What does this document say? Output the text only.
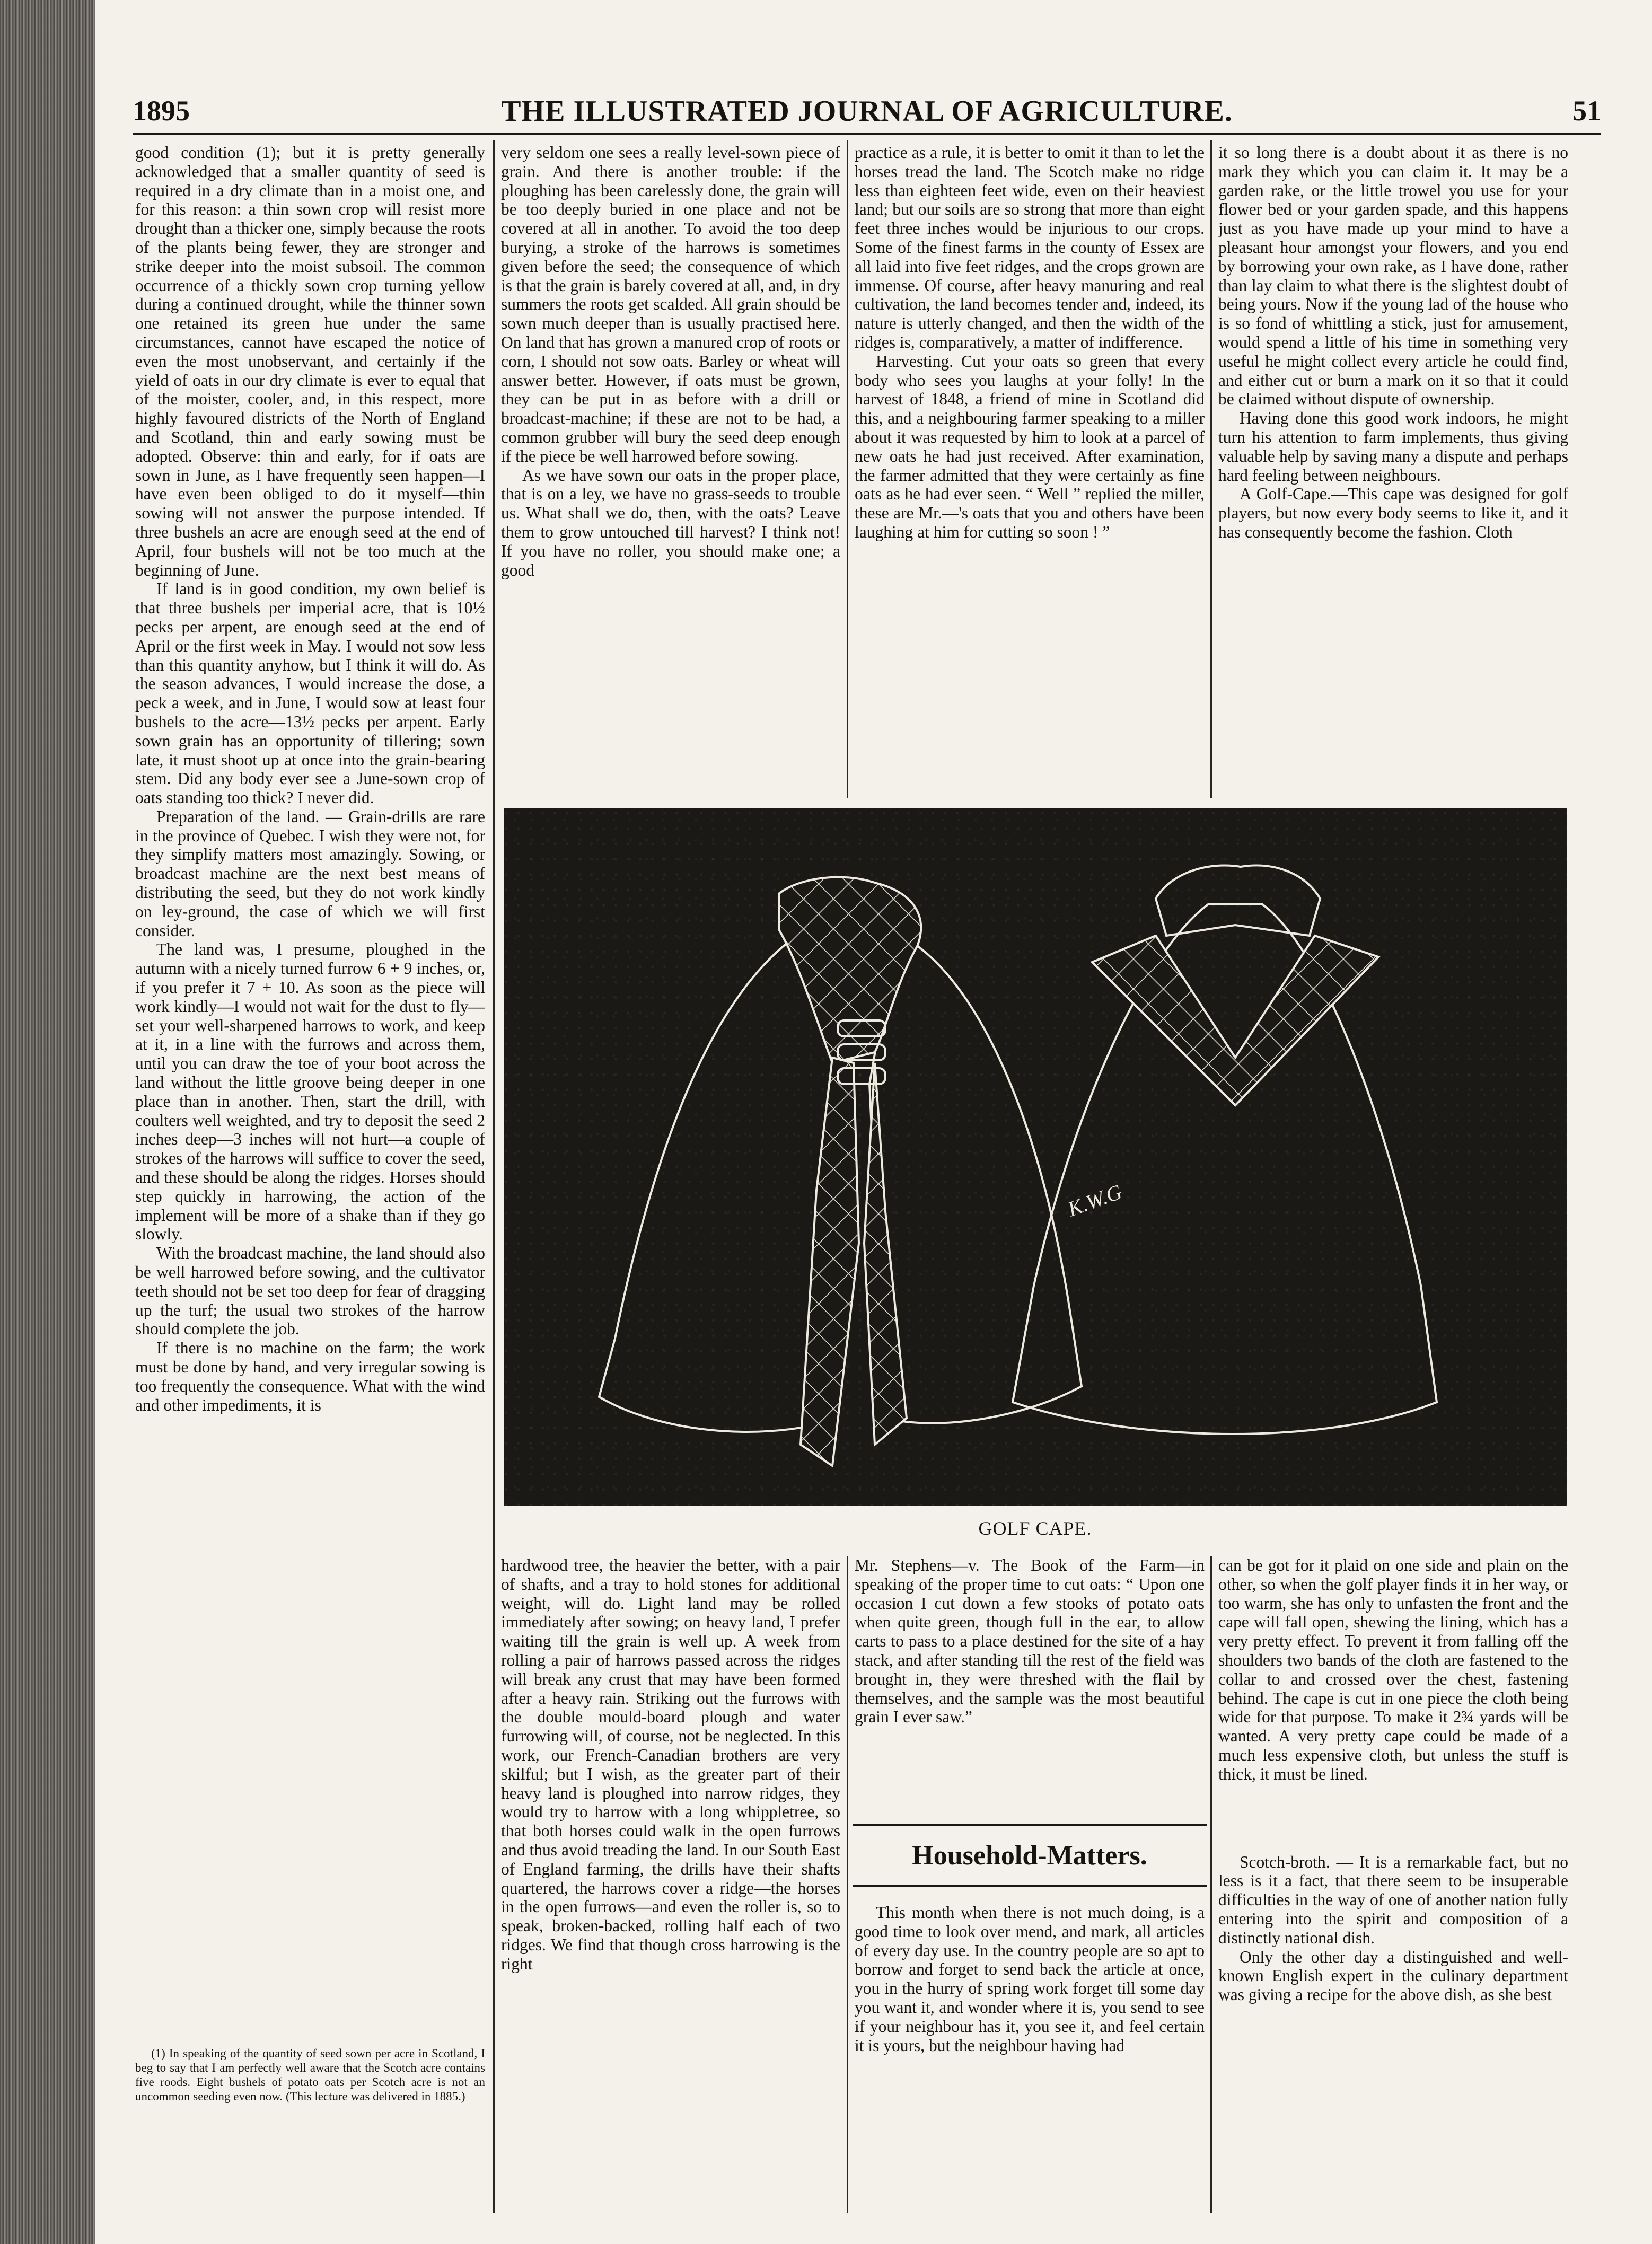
1895	THE ILLUSTRATED JOURNAL OF AGRICULTURE.	51

good condition (1); but it is pretty generally acknowledged that a smaller quantity of seed is required in a dry climate than in a moist one, and for this reason: a thin sown crop will resist more drought than a thicker one, simply because the roots of the plants being fewer, they are stronger and strike deeper into the moist subsoil. The common occurrence of a thickly sown crop turning yellow during a continued drought, while the thinner sown one retained its green hue under the same circumstances, cannot have escaped the notice of even the most unobservant, and certainly if the yield of oats in our dry climate is ever to equal that of the moister, cooler, and, in this respect, more highly favoured districts of the North of England and Scotland, thin and early sowing must be adopted. Observe: thin and early, for if oats are sown in June, as I have frequently seen happen—I have even been obliged to do it myself—thin sowing will not answer the purpose intended. If three bushels an acre are enough seed at the end of April, four bushels will not be too much at the beginning of June.

If land is in good condition, my own belief is that three bushels per imperial acre, that is 10½ pecks per arpent, are enough seed at the end of April or the first week in May. I would not sow less than this quantity anyhow, but I think it will do. As the season advances, I would increase the dose, a peck a week, and in June, I would sow at least four bushels to the acre—13½ pecks per arpent. Early sown grain has an opportunity of tillering; sown late, it must shoot up at once into the grain-bearing stem. Did any body ever see a June-sown crop of oats standing too thick? I never did.

Preparation of the land. — Grain-drills are rare in the province of Quebec. I wish they were not, for they simplify matters most amazingly. Sowing, or broadcast machine are the next best means of distributing the seed, but they do not work kindly on ley-ground, the case of which we will first consider.

The land was, I presume, ploughed in the autumn with a nicely turned furrow 6 + 9 inches, or, if you prefer it 7 + 10. As soon as the piece will work kindly—I would not wait for the dust to fly—set your well-sharpened harrows to work, and keep at it, in a line with the furrows and across them, until you can draw the toe of your boot across the land without the little groove being deeper in one place than in another. Then, start the drill, with coulters well weighted, and try to deposit the seed 2 inches deep—3 inches will not hurt—a couple of strokes of the harrows will suffice to cover the seed, and these should be along the ridges. Horses should step quickly in harrowing, the action of the implement will be more of a shake than if they go slowly.

With the broadcast machine, the land should also be well harrowed before sowing, and the cultivator teeth should not be set too deep for fear of dragging up the turf; the usual two strokes of the harrow should complete the job.

If there is no machine on the farm; the work must be done by hand, and very irregular sowing is too frequently the consequence. What with the wind and other impediments, it is

(1) In speaking of the quantity of seed sown per acre in Scotland, I beg to say that I am perfectly well aware that the Scotch acre contains five roods. Eight bushels of potato oats per Scotch acre is not an uncommon seeding even now. (This lecture was delivered in 1885.)

very seldom one sees a really level-sown piece of grain. And there is another trouble: if the ploughing has been carelessly done, the grain will be too deeply buried in one place and not be covered at all in another. To avoid the too deep burying, a stroke of the harrows is sometimes given before the seed; the consequence of which is that the grain is barely covered at all, and, in dry summers the roots get scalded. All grain should be sown much deeper than is usually practised here. On land that has grown a manured crop of roots or corn, I should not sow oats. Barley or wheat will answer better. However, if oats must be grown, they can be put in as before with a drill or broadcast-machine; if these are not to be had, a common grubber will bury the seed deep enough if the piece be well harrowed before sowing.

As we have sown our oats in the proper place, that is on a ley, we have no grass-seeds to trouble us. What shall we do, then, with the oats? Leave them to grow untouched till harvest? I think not! If you have no roller, you should make one; a good

practice as a rule, it is better to omit it than to let the horses tread the land. The Scotch make no ridge less than eighteen feet wide, even on their heaviest land; but our soils are so strong that more than eight feet three inches would be injurious to our crops. Some of the finest farms in the county of Essex are all laid into five feet ridges, and the crops grown are immense. Of course, after heavy manuring and real cultivation, the land becomes tender and, indeed, its nature is utterly changed, and then the width of the ridges is, comparatively, a matter of indifference.

Harvesting. Cut your oats so green that every body who sees you laughs at your folly! In the harvest of 1848, a friend of mine in Scotland did this, and a neighbouring farmer speaking to a miller about it was requested by him to look at a parcel of new oats he had just received. After examination, the farmer admitted that they were certainly as fine oats as he had ever seen. “ Well ” replied the miller, these are Mr.—'s oats that you and others have been laughing at him for cutting so soon ! ”

it so long there is a doubt about it as there is no mark they which you can claim it. It may be a garden rake, or the little trowel you use for your flower bed or your garden spade, and this happens just as you have made up your mind to have a pleasant hour amongst your flowers, and you end by borrowing your own rake, as I have done, rather than lay claim to what there is the slightest doubt of being yours. Now if the young lad of the house who is so fond of whittling a stick, just for amusement, would spend a little of his time in something very useful he might collect every article he could find, and either cut or burn a mark on it so that it could be claimed without dispute of ownership.

Having done this good work indoors, he might turn his attention to farm implements, thus giving valuable help by saving many a dispute and perhaps hard feeling between neighbours.

A Golf-Cape.—This cape was designed for golf players, but now every body seems to like it, and it has consequently become the fashion. Cloth

K.W.G
GOLF CAPE.

hardwood tree, the heavier the better, with a pair of shafts, and a tray to hold stones for additional weight, will do. Light land may be rolled immediately after sowing; on heavy land, I prefer waiting till the grain is well up. A week from rolling a pair of harrows passed across the ridges will break any crust that may have been formed after a heavy rain. Striking out the furrows with the double mould-board plough and water furrowing will, of course, not be neglected. In this work, our French-Canadian brothers are very skilful; but I wish, as the greater part of their heavy land is ploughed into narrow ridges, they would try to harrow with a long whippletree, so that both horses could walk in the open furrows and thus avoid treading the land. In our South East of England farming, the drills have their shafts quartered, the harrows cover a ridge—the horses in the open furrows—and even the roller is, so to speak, broken-backed, rolling half each of two ridges. We find that though cross harrowing is the right

Mr. Stephens—v. The Book of the Farm—in speaking of the proper time to cut oats: “ Upon one occasion I cut down a few stooks of potato oats when quite green, though full in the ear, to allow carts to pass to a place destined for the site of a hay stack, and after standing till the rest of the field was brought in, they were threshed with the flail by themselves, and the sample was the most beautiful grain I ever saw.”

Household-Matters.

This month when there is not much doing, is a good time to look over mend, and mark, all articles of every day use. In the country people are so apt to borrow and forget to send back the article at once, you in the hurry of spring work forget till some day you want it, and wonder where it is, you send to see if your neighbour has it, you see it, and feel certain it is yours, but the neighbour having had

can be got for it plaid on one side and plain on the other, so when the golf player finds it in her way, or too warm, she has only to unfasten the front and the cape will fall open, shewing the lining, which has a very pretty effect. To prevent it from falling off the shoulders two bands of the cloth are fastened to the collar to and crossed over the chest, fastening behind. The cape is cut in one piece the cloth being wide for that purpose. To make it 2¾ yards will be wanted. A very pretty cape could be made of a much less expensive cloth, but unless the stuff is thick, it must be lined.

Scotch-broth. — It is a remarkable fact, but no less is it a fact, that there seem to be insuperable difficulties in the way of one of another nation fully entering into the spirit and composition of a distinctly national dish.

Only the other day a distinguished and well-known English expert in the culinary department was giving a recipe for the above dish, as she best
